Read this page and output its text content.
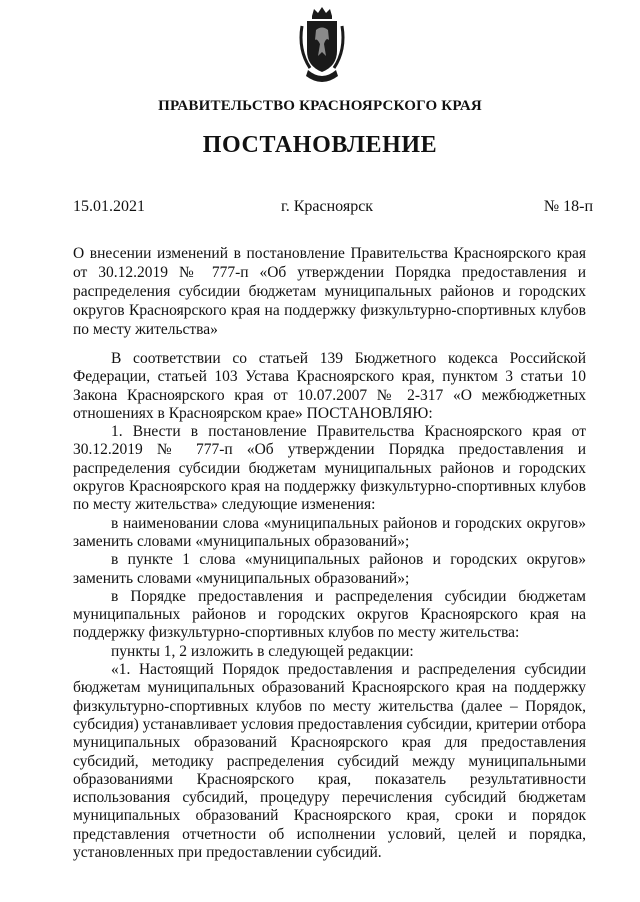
ПРАВИТЕЛЬСТВО КРАСНОЯРСКОГО КРАЯ
ПОСТАНОВЛЕНИЕ
15.01.2021	г. Красноярск	№ 18-п
О внесении изменений в постановление Правительства Красноярского края от 30.12.2019 № 777-п «Об утверждении Порядка предоставления и распределения субсидии бюджетам муниципальных районов и городских округов Красноярского края на поддержку физкультурно-спортивных клубов по месту жительства»

В соответствии со статьей 139 Бюджетного кодекса Российской Федерации, статьей 103 Устава Красноярского края, пунктом 3 статьи 10 Закона Красноярского края от 10.07.2007 № 2-317 «О межбюджетных отношениях в Красноярском крае» ПОСТАНОВЛЯЮ:

1. Внести в постановление Правительства Красноярского края от 30.12.2019 № 777-п «Об утверждении Порядка предоставления и распределения субсидии бюджетам муниципальных районов и городских округов Красноярского края на поддержку физкультурно-спортивных клубов по месту жительства» следующие изменения:

в наименовании слова «муниципальных районов и городских округов» заменить словами «муниципальных образований»;

в пункте 1 слова «муниципальных районов и городских округов» заменить словами «муниципальных образований»;

в Порядке предоставления и распределения субсидии бюджетам муниципальных районов и городских округов Красноярского края на поддержку физкультурно-спортивных клубов по месту жительства:

пункты 1, 2 изложить в следующей редакции:

«1. Настоящий Порядок предоставления и распределения субсидии бюджетам муниципальных образований Красноярского края на поддержку физкультурно-спортивных клубов по месту жительства (далее – Порядок, субсидия) устанавливает условия предоставления субсидии, критерии отбора муниципальных образований Красноярского края для предоставления субсидий, методику распределения субсидий между муниципальными образованиями Красноярского края, показатель результативности использования субсидий, процедуру перечисления субсидий бюджетам муниципальных образований Красноярского края, сроки и порядок представления отчетности об исполнении условий, целей и порядка, установленных при предоставлении субсидий.
